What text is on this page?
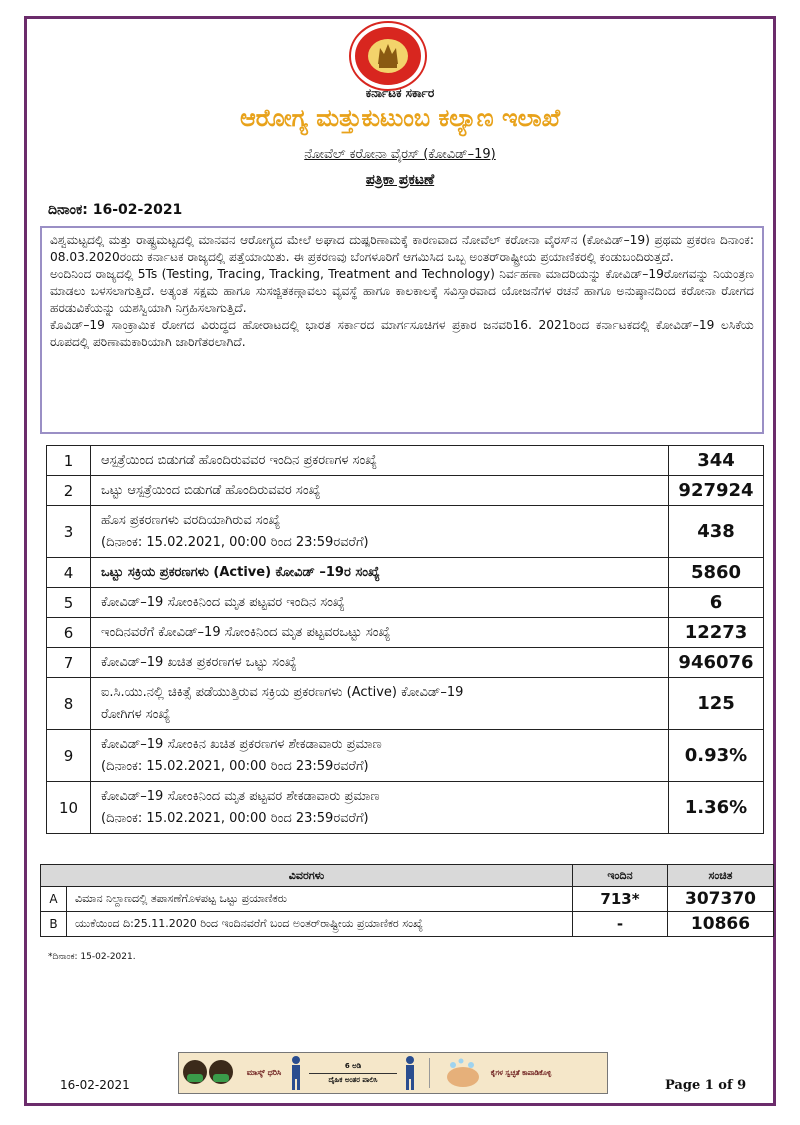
ಕರ್ನಾಟಕ ಸರ್ಕಾರ
ಆರೋಗ್ಯ ಮತ್ತುಕುಟುಂಬ ಕಲ್ಯಾಣ ಇಲಾಖೆ
ನೋವೆಲ್ ಕರೋನಾ ವೈರಸ್ (ಕೋವಿಡ್–19)
ಪತ್ರಿಕಾ ಪ್ರಕಟಣೆ
ದಿನಾಂಕ: 16-02-2021

ವಿಶ್ವಮಟ್ಟದಲ್ಲಿ ಮತ್ತು ರಾಷ್ಟ್ರಮಟ್ಟದಲ್ಲಿ ಮಾನವನ ಆರೋಗ್ಯದ ಮೇಲೆ ಅಘಾದ ದುಷ್ಪರಿಣಾಮಕ್ಕೆ ಕಾರಣವಾದ ನೋವೆಲ್ ಕರೋನಾ ವೈರಸ್‌ನ (ಕೋವಿಡ್–19) ಪ್ರಥಮ ಪ್ರಕರಣ ದಿನಾಂಕ: 08.03.2020ರಂದು ಕರ್ನಾಟಕ ರಾಜ್ಯದಲ್ಲಿ ಪತ್ತೆಯಾಯಿತು. ಈ ಪ್ರಕರಣವು ಬೆಂಗಳೂರಿಗೆ ಆಗಮಿಸಿದ ಒಬ್ಬ ಅಂತರ್‌ರಾಷ್ಟ್ರೀಯ ಪ್ರಯಾಣಿಕರಲ್ಲಿ ಕಂಡುಬಂದಿರುತ್ತದೆ.

ಅಂದಿನಿಂದ ರಾಜ್ಯದಲ್ಲಿ 5Ts (Testing, Tracing, Tracking, Treatment and Technology) ನಿರ್ವಹಣಾ ಮಾದರಿಯನ್ನು ಕೋವಿಡ್–19ರೋಗವನ್ನು ನಿಯಂತ್ರಣ ಮಾಡಲು ಬಳಸಲಾಗುತ್ತಿದೆ. ಅತ್ಯಂತ ಸಕ್ಷಮ ಹಾಗೂ ಸುಸಜ್ಜಿತಕಣ್ಗಾವಲು ವ್ಯವಸ್ಥೆ ಹಾಗೂ ಕಾಲಕಾಲಕ್ಕೆ ಸವಿಸ್ತಾರವಾದ ಯೋಜನೆಗಳ ರಚನೆ ಹಾಗೂ ಅನುಷ್ಠಾನದಿಂದ ಕರೋನಾ ರೋಗದ ಹರಡುವಿಕೆಯನ್ನು ಯಶಸ್ವಿಯಾಗಿ ನಿಗ್ರಹಿಸಲಾಗುತ್ತಿದೆ.

ಕೊವಿಡ್–19 ಸಾಂಕ್ರಾಮಿಕ ರೋಗದ ವಿರುದ್ಧದ ಹೋರಾಟದಲ್ಲಿ ಭಾರತ ಸರ್ಕಾರದ ಮಾರ್ಗಸೂಚಿಗಳ ಪ್ರಕಾರ ಜನವರಿ16. 2021ರಿಂದ ಕರ್ನಾಟಕದಲ್ಲಿ ಕೋವಿಡ್–19 ಲಸಿಕೆಯ ರೂಪದಲ್ಲಿ ಪರಿಣಾಮಕಾರಿಯಾಗಿ ಜಾರಿಗೆತರಲಾಗಿದೆ.

1	ಆಸ್ಪತ್ರೆಯಿಂದ ಬಿಡುಗಡೆ ಹೊಂದಿರುವವರ ಇಂದಿನ ಪ್ರಕರಣಗಳ ಸಂಖ್ಯೆ	344
2	ಒಟ್ಟು ಆಸ್ಪತ್ರೆಯಿಂದ ಬಿಡುಗಡೆ ಹೊಂದಿರುವವರ ಸಂಖ್ಯೆ	927924
3	ಹೊಸ ಪ್ರಕರಣಗಳು ವರದಿಯಾಗಿರುವ ಸಂಖ್ಯೆ
(ದಿನಾಂಕ: 15.02.2021, 00:00 ರಿಂದ 23:59ರವರೆಗೆ)	438
4	ಒಟ್ಟು ಸಕ್ರಿಯ ಪ್ರಕರಣಗಳು (Active) ಕೋವಿಡ್ –19ರ ಸಂಖ್ಯೆ	5860
5	ಕೋವಿಡ್–19 ಸೋಂಕಿನಿಂದ ಮೃತ ಪಟ್ಟವರ ಇಂದಿನ ಸಂಖ್ಯೆ	6
6	ಇಂದಿನವರೆಗೆ ಕೋವಿಡ್–19 ಸೋಂಕಿನಿಂದ ಮೃತ ಪಟ್ಟವರಒಟ್ಟು ಸಂಖ್ಯೆ	12273
7	ಕೋವಿಡ್–19 ಖಚಿತ ಪ್ರಕರಣಗಳ ಒಟ್ಟು ಸಂಖ್ಯೆ	946076
8	ಐ.ಸಿ.ಯು.ನಲ್ಲಿ ಚಿಕಿತ್ಸೆ ಪಡೆಯುತ್ತಿರುವ ಸಕ್ರಿಯ ಪ್ರಕರಣಗಳು (Active) ಕೋವಿಡ್–19
ರೋಗಿಗಳ ಸಂಖ್ಯೆ	125
9	ಕೋವಿಡ್–19 ಸೋಂಕಿನ ಖಚಿತ ಪ್ರಕರಣಗಳ ಶೇಕಡಾವಾರು ಪ್ರಮಾಣ
(ದಿನಾಂಕ: 15.02.2021, 00:00 ರಿಂದ 23:59ರವರೆಗೆ)	0.93%
10	ಕೋವಿಡ್–19 ಸೋಂಕಿನಿಂದ ಮೃತ ಪಟ್ಟವರ ಶೇಕಡಾವಾರು ಪ್ರಮಾಣ
(ದಿನಾಂಕ: 15.02.2021, 00:00 ರಿಂದ 23:59ರವರೆಗೆ)	1.36%
ವಿವರಗಳು		ಇಂದಿನ	ಸಂಚಿತ
A	ವಿಮಾನ ನಿಲ್ದಾಣದಲ್ಲಿ ತಪಾಸಣೆಗೊಳಪಟ್ಟ ಒಟ್ಟು ಪ್ರಯಾಣಿಕರು	713*	307370
B	ಯುಕೆಯಿಂದ ದಿ:25.11.2020 ರಿಂದ ಇಂದಿನವರೆಗೆ ಬಂದ ಅಂತರ್‌ರಾಷ್ಟ್ರೀಯ ಪ್ರಯಾಣಿಕರ ಸಂಖ್ಯೆ	-	10866
*ದಿನಾಂಕ: 15-02-2021.
ಮಾಸ್ಕ್ ಧರಿಸಿ
6 ಅಡಿ
ದೈಹಿಕ ಅಂತರ ಪಾಲಿಸಿ
ಕೈಗಳ ಸ್ವಚ್ಛತೆ ಕಾಪಾಡಿಕೊಳ್ಳಿ
16-02-2021	Page 1 of 9
